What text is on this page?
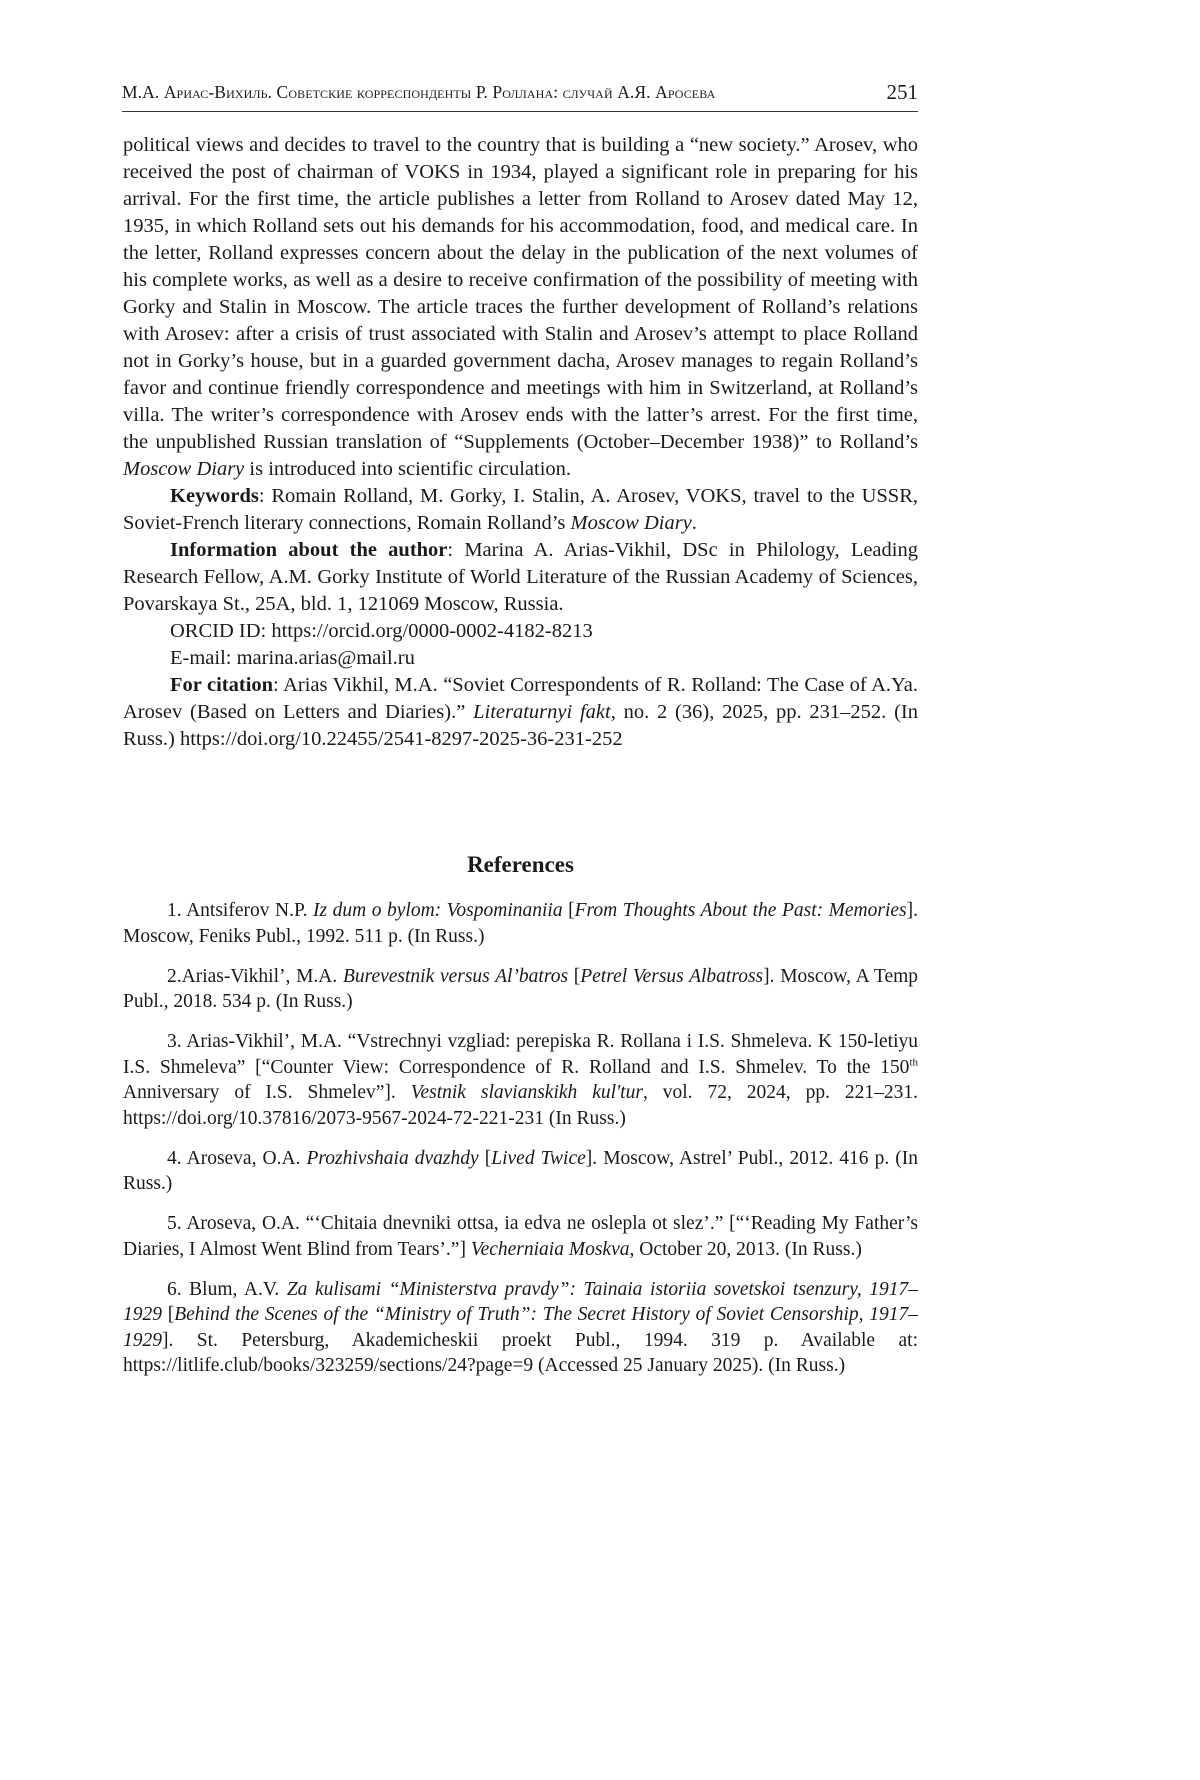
М.А. Ариас-Вихиль. Советские корреспонденты Р. Роллана: случай А.Я. Аросева	251

political views and decides to travel to the country that is building a “new society.” Arosev, who received the post of chairman of VOKS in 1934, played a significant role in preparing for his arrival. For the first time, the article publishes a letter from Rolland to Arosev dated May 12, 1935, in which Rolland sets out his demands for his accommodation, food, and medical care. In the letter, Rolland expresses concern about the delay in the publication of the next volumes of his complete works, as well as a desire to receive confirmation of the possibility of meeting with Gorky and Stalin in Moscow. The article traces the further development of Rolland’s relations with Arosev: after a crisis of trust associated with Stalin and Arosev’s attempt to place Rolland not in Gorky’s house, but in a guarded government dacha, Arosev manages to regain Rolland’s favor and continue friendly correspondence and meetings with him in Switzerland, at Rolland’s villa. The writer’s correspondence with Arosev ends with the latter’s arrest. For the first time, the unpublished Russian translation of “Supplements (October–December 1938)” to Rolland’s Moscow Diary is introduced into scientific circulation.

Keywords: Romain Rolland, M. Gorky, I. Stalin, A. Arosev, VOKS, travel to the USSR, Soviet-French literary connections, Romain Rolland’s Moscow Diary.

Information about the author: Marina A. Arias-Vikhil, DSc in Philology, Leading Research Fellow, A.M. Gorky Institute of World Literature of the Russian Academy of Sciences, Povarskaya St., 25A, bld. 1, 121069 Moscow, Russia.

ORCID ID: https://orcid.org/0000-0002-4182-8213

E-mail: marina.arias@mail.ru

For citation: Arias Vikhil, M.A. “Soviet Correspondents of R. Rolland: The Case of A.Ya. Arosev (Based on Letters and Diaries).” Literaturnyi fakt, no. 2 (36), 2025, pp. 231–252. (In Russ.) https://doi.org/10.22455/2541-8297-2025-36-231-252

References

1. Antsiferov N.P. Iz dum o bylom: Vospominaniia [From Thoughts About the Past: Memories]. Moscow, Feniks Publ., 1992. 511 p. (In Russ.)

2.Arias-Vikhil’, M.A. Burevestnik versus Al’batros [Petrel Versus Albatross]. Moscow, A Temp Publ., 2018. 534 p. (In Russ.)

3. Arias-Vikhil’, M.A. “Vstrechnyi vzgliad: perepiska R. Rollana i I.S. Shmeleva. K 150-letiyu I.S. Shmeleva” [“Counter View: Correspondence of R. Rolland and I.S. Shmelev. To the 150th Anniversary of I.S. Shmelev”]. Vestnik slavianskikh kul'tur, vol. 72, 2024, pp. 221–231. https://doi.org/10.37816/2073-9567-2024-72-221-231 (In Russ.)

4. Aroseva, O.A. Prozhivshaia dvazhdy [Lived Twice]. Moscow, Astrel’ Publ., 2012. 416 p. (In Russ.)

5. Aroseva, O.A. “‘Chitaia dnevniki ottsa, ia edva ne oslepla ot slez’.” [“‘Reading My Father’s Diaries, I Almost Went Blind from Tears’.”] Vecherniaia Moskva, October 20, 2013. (In Russ.)

6. Blum, A.V. Za kulisami “Ministerstva pravdy”: Tainaia istoriia sovetskoi tsenzury, 1917–1929 [Behind the Scenes of the “Ministry of Truth”: The Secret History of Soviet Censorship, 1917–1929]. St. Petersburg, Akademicheskii proekt Publ., 1994. 319 p. Available at: https://litlife.club/books/323259/sections/24?page=9 (Accessed 25 January 2025). (In Russ.)
